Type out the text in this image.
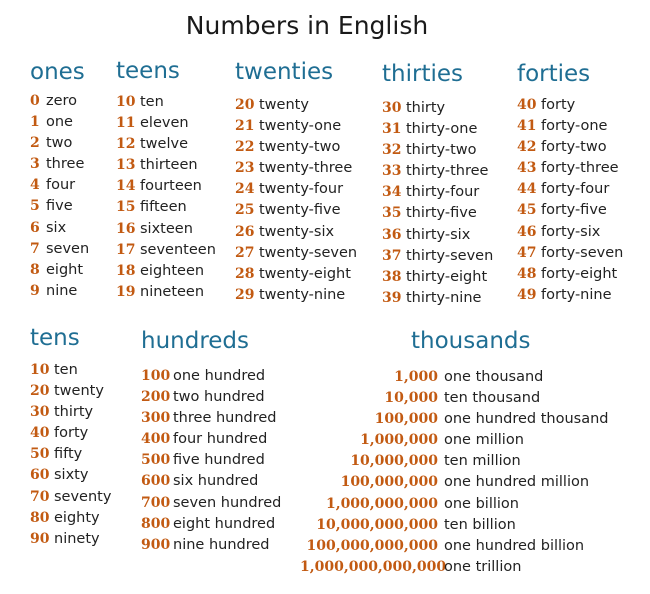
Numbers in English
ones
0 zero
1 one
2 two
3 three
4 four
5 five
6 six
7 seven
8 eight
9 nine
teens
10 ten
11 eleven
12 twelve
13 thirteen
14 fourteen
15 fifteen
16 sixteen
17 seventeen
18 eighteen
19 nineteen
twenties
20 twenty
21 twenty-one
22 twenty-two
23 twenty-three
24 twenty-four
25 twenty-five
26 twenty-six
27 twenty-seven
28 twenty-eight
29 twenty-nine
thirties
30 thirty
31 thirty-one
32 thirty-two
33 thirty-three
34 thirty-four
35 thirty-five
36 thirty-six
37 thirty-seven
38 thirty-eight
39 thirty-nine
forties
40 forty
41 forty-one
42 forty-two
43 forty-three
44 forty-four
45 forty-five
46 forty-six
47 forty-seven
48 forty-eight
49 forty-nine
tens
10 ten
20 twenty
30 thirty
40 forty
50 fifty
60 sixty
70 seventy
80 eighty
90 ninety
hundreds
100 one hundred
200 two hundred
300 three hundred
400 four hundred
500 five hundred
600 six hundred
700 seven hundred
800 eight hundred
900 nine hundred
thousands
1,000 one thousand
10,000 ten thousand
100,000 one hundred thousand
1,000,000 one million
10,000,000 ten million
100,000,000 one hundred million
1,000,000,000 one billion
10,000,000,000 ten billion
100,000,000,000 one hundred billion
1,000,000,000,000one trillion
